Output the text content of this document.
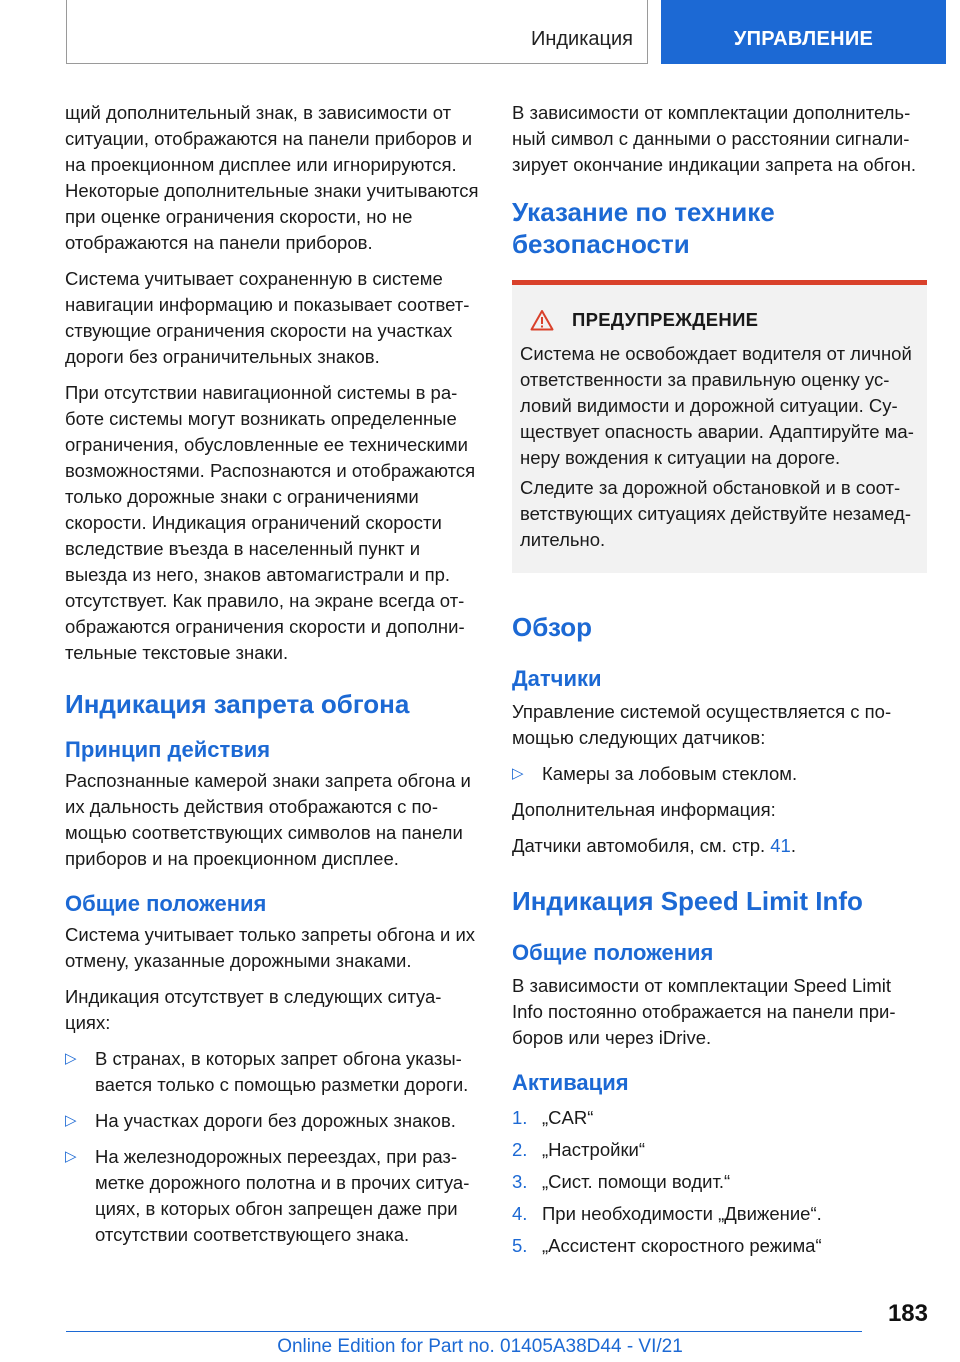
Индикация	УПРАВЛЕНИЕ

щий дополнительный знак, в зависимости от ситуации, отображаются на панели приборов и на проекционном дисплее или игнорируются. Некоторые дополнительные знаки учитываются при оценке ограничения скорости, но не отображаются на панели приборов.

Система учитывает сохраненную в системе навигации информацию и показывает соответствующие ограничения скорости на участках дороги без ограничительных знаков.

При отсутствии навигационной системы в работе системы могут возникать определенные ограничения, обусловленные ее техническими возможностями. Распознаются и отображаются только дорожные знаки с ограничениями скорости. Индикация ограничений скорости вследствие въезда в населенный пункт и выезда из него, знаков автомагистрали и пр. отсутствует. Как правило, на экране всегда отображаются ограничения скорости и дополнительные текстовые знаки.

Индикация запрета обгона
Принцип действия

Распознанные камерой знаки запрета обгона и их дальность действия отображаются с помощью соответствующих символов на панели приборов и на проекционном дисплее.

Общие положения

Система учитывает только запреты обгона и их отмену, указанные дорожными знаками.

Индикация отсутствует в следующих ситуациях:

▷ В странах, в которых запрет обгона указывается только с помощью разметки дороги.
▷ На участках дороги без дорожных знаков.
▷ На железнодорожных переездах, при разметке дорожного полотна и в прочих ситуациях, в которых обгон запрещен даже при отсутствии соответствующего знака.

В зависимости от комплектации дополнительный символ с данными о расстоянии сигнализирует окончание индикации запрета на обгон.

Указание по технике безопасности
ПРЕДУПРЕЖДЕНИЕ

Система не освобождает водителя от личной ответственности за правильную оценку условий видимости и дорожной ситуации. Существует опасность аварии. Адаптируйте манеру вождения к ситуации на дороге.

Следите за дорожной обстановкой и в соответствующих ситуациях действуйте незамедлительно.

Обзор
Датчики

Управление системой осуществляется с помощью следующих датчиков:

▷ Камеры за лобовым стеклом.

Дополнительная информация:

Датчики автомобиля, см. стр. 41.

Индикация Speed Limit Info
Общие положения

В зависимости от комплектации Speed Limit Info постоянно отображается на панели приборов или через iDrive.

Активация
1. „CAR“
2. „Настройки“
3. „Сист. помощи водит.“
4. При необходимости „Движение“.
5. „Ассистент скоростного режима“
183
Online Edition for Part no. 01405A38D44 - VI/21
